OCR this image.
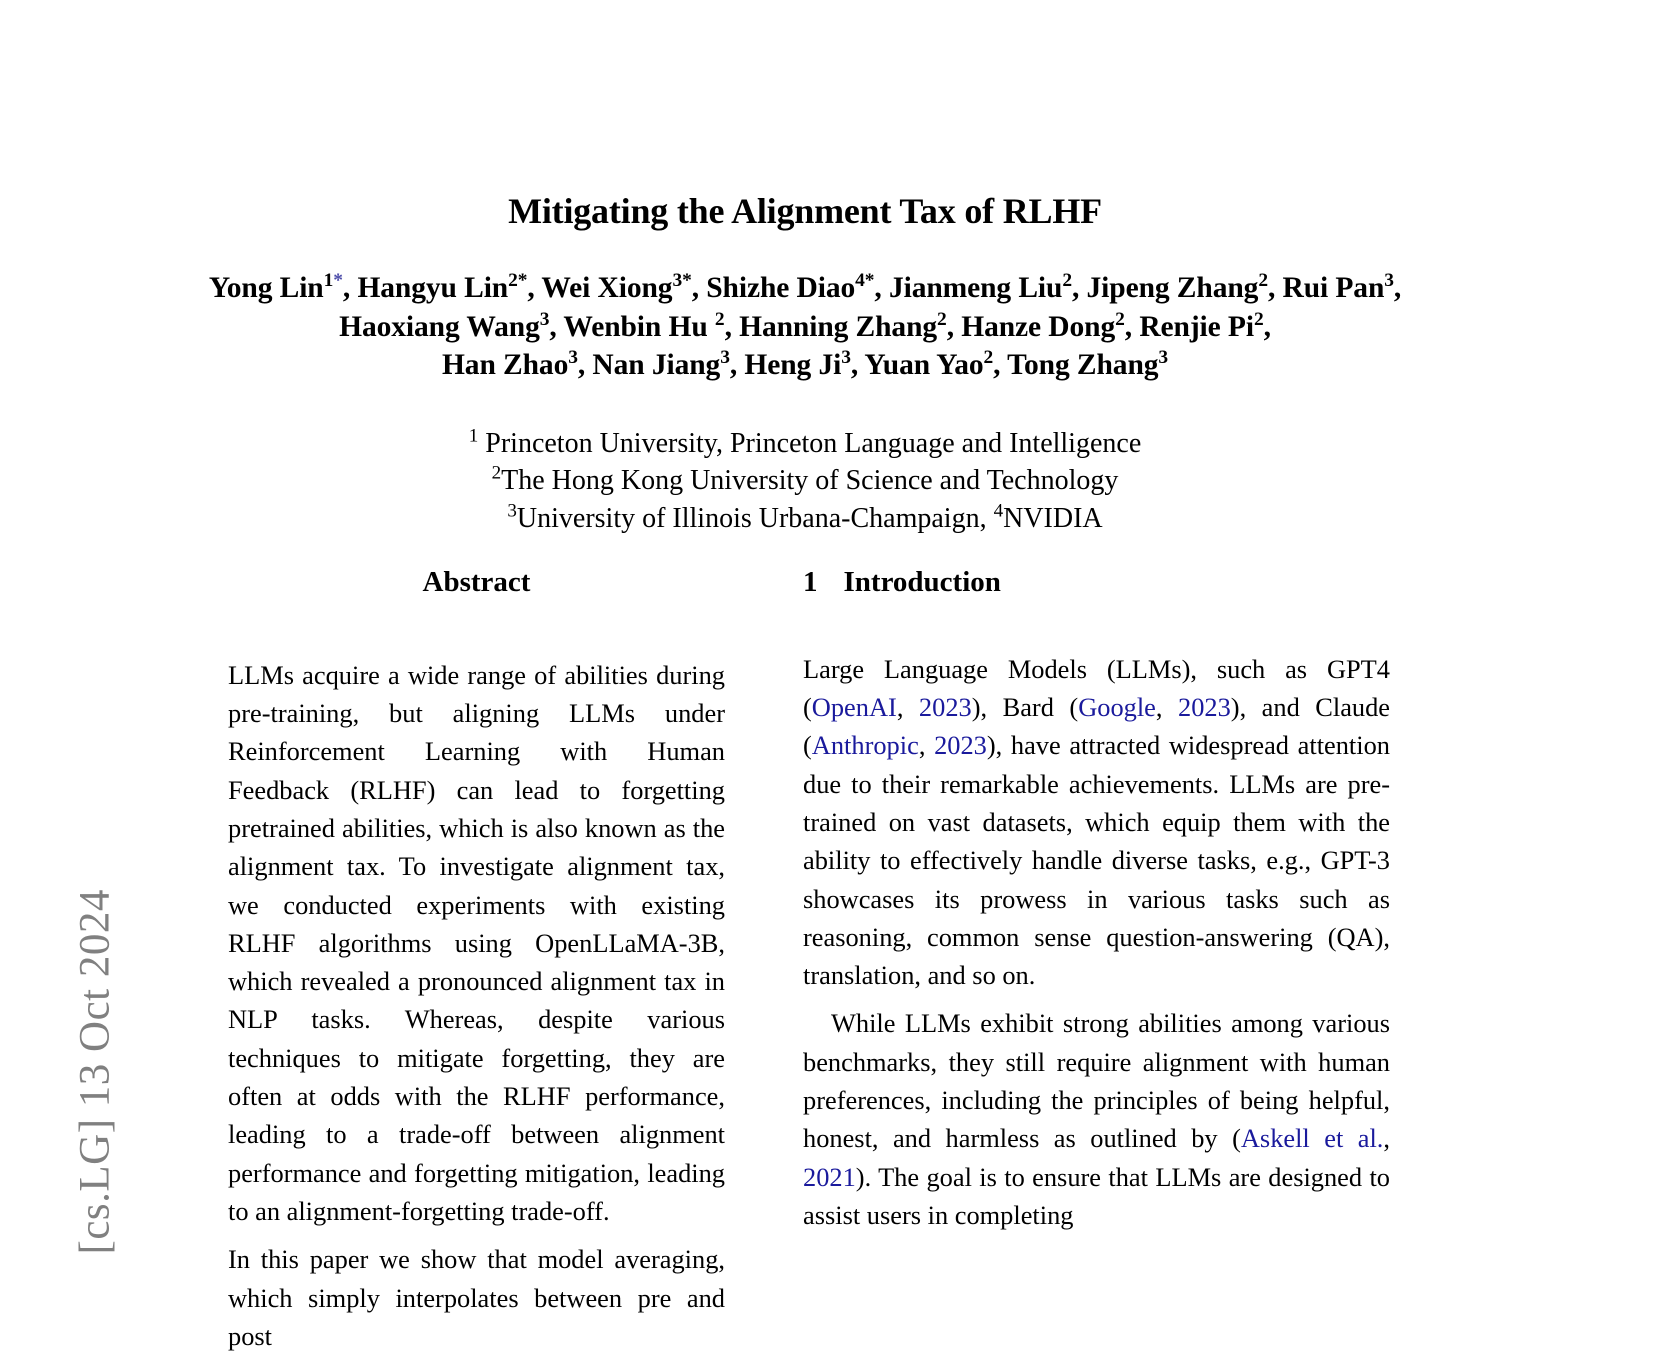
[cs.LG] 13 Oct 2024
Mitigating the Alignment Tax of RLHF
Yong Lin$^{1*}$, Hangyu Lin$^{2*}$, Wei Xiong$^{3*}$, Shizhe Diao$^{4*}$, Jianmeng Liu$^2$, Jipeng Zhang$^2$, Rui Pan$^3$,
Haoxiang Wang$^3$, Wenbin Hu $^2$, Hanning Zhang$^2$, Hanze Dong$^2$, Renjie Pi$^2$,
Han Zhao$^3$, Nan Jiang$^3$, Heng Ji$^3$, Yuan Yao$^2$, Tong Zhang$^3$
$^1$ Princeton University, Princeton Language and Intelligence
$^2$The Hong Kong University of Science and Technology
$^3$University of Illinois Urbana-Champaign, $^4$NVIDIA
Abstract

LLMs acquire a wide range of abilities during pre-training, but aligning LLMs under Reinforcement Learning with Human Feedback (RLHF) can lead to forgetting pretrained abilities, which is also known as the alignment tax. To investigate alignment tax, we conducted experiments with existing RLHF algorithms using OpenLLaMA-3B, which revealed a pronounced alignment tax in NLP tasks. Whereas, despite various techniques to mitigate forgetting, they are often at odds with the RLHF performance, leading to a trade-off between alignment performance and forgetting mitigation, leading to an alignment-forgetting trade-off.

In this paper we show that model averaging, which simply interpolates between pre and post

1 Introduction

Large Language Models (LLMs), such as GPT4 (OpenAI, 2023), Bard (Google, 2023), and Claude (Anthropic, 2023), have attracted widespread attention due to their remarkable achievements. LLMs are pre-trained on vast datasets, which equip them with the ability to effectively handle diverse tasks, e.g., GPT-3 showcases its prowess in various tasks such as reasoning, common sense question-answering (QA), translation, and so on.

While LLMs exhibit strong abilities among various benchmarks, they still require alignment with human preferences, including the principles of being helpful, honest, and harmless as outlined by (Askell et al., 2021). The goal is to ensure that LLMs are designed to assist users in completing
